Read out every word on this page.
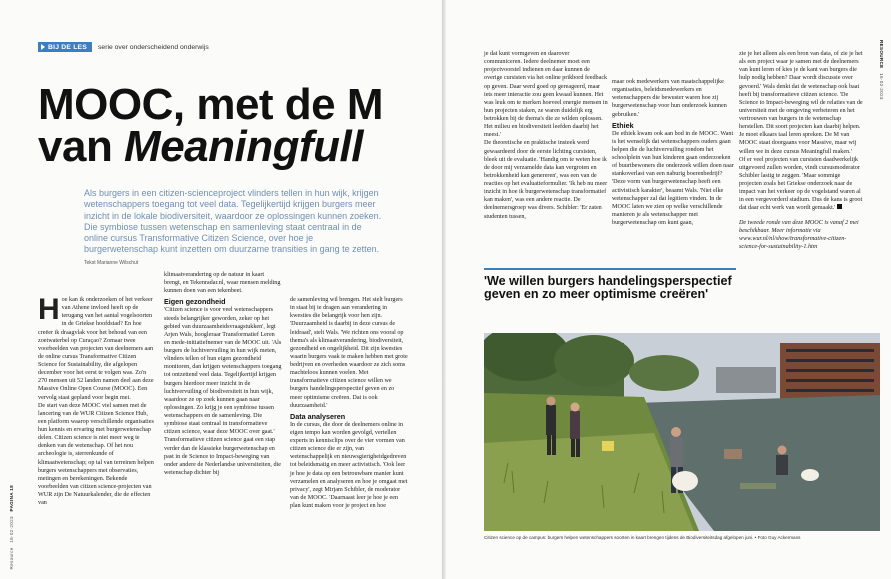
Resource   16·02·2023   PAGINA 18
BIJ DE LES serie over onderscheidend onderwijs
MOOC, met de M
van Meaningfull
Als burgers in een citizen-scienceproject vlinders tellen in hun wijk, krijgen wetenschappers toegang tot veel data. Tegelijkertijd krijgen burgers meer inzicht in de lokale biodiversiteit, waardoor ze oplossingen kunnen zoeken. Die symbiose tussen wetenschap en samenleving staat centraal in de online cursus Transformative Citizen Science, over hoe je burgerwetenschap kunt inzetten om duurzame transities in gang te zetten. Tekst Marianne Wilschut
H oe kan ik onderzoeken of het verkeer van Athene invloed heeft op de terugang van het aantal vogelsoorten in de Griekse hoofdstad? En hoe creëer ik draagvlak voor het behoud van een zoetwaterbel op Curaçao? Zomaar twee voorbeelden van projecten van deelnemers aan de online cursus Transformative Citizen Science for Sustainability, die afgelopen december voor het eerst te volgen was. Zo'n 270 mensen uit 52 landen namen deel aan deze Massive Online Open Course (MOOC). Een vervolg staat gepland voor begin mei.

De start van deze MOOC viel samen met de lancering van de WUR Citizen Science Hub, een platform waarop verschillende organisaties hun kennis en ervaring met burgerwetenschap delen. Citizen science is niet meer weg te denken van de wetenschap. Of het nou archeologie is, sterrenkunde of klimaatwetenschap; op tal van terreinen helpen burgers wetenschappers met observaties, metingen en berekeningen. Bekende voorbeelden van citizen science-projecten van WUR zijn De Natuurkalender, die de effecten van

klimaatverandering op de natuur in kaart brengt, en Tekenradar.nl, waar mensen melding kunnen doen van een tekenbeet.

Eigen gezondheid

'Citizen science is voor veel wetenschappers steeds belangrijker geworden, zeker op het gebied van duurzaamheidsvraagstukken', legt Arjen Wals, hoogleraar Transformatief Leren en mede-initiatiefnemer van de MOOC uit. 'Als burgers de luchtvervuiling in hun wijk meten, vlinders tellen of hun eigen gezondheid monitoren, dan krijgen wetenschappers toegang tot ontzettend veel data. Tegelijkertijd krijgen burgers hierdoor meer inzicht in de luchtvervuiling of biodiversiteit in hun wijk, waardoor ze op zoek kunnen gaan naar oplossingen. Zo krijg je een symbiose tussen wetenschappers en de samenleving. Die symbiose staat centraal in transformatieve citizen science, waar deze MOOC over gaat.' Transformatieve citizen science gaat een stap verder dan de klassieke burgerwetenschap en past in de Science to Impact-beweging van onder andere de Nederlandse universiteiten, die wetenschap dichter bij

de samenleving wil brengen. Het stelt burgers in staat bij te dragen aan verandering in kwesties die belangrijk voor hen zijn. 'Duurzaamheid is daarbij in deze cursus de leidraad', stelt Wals. 'We richten ons vooral op thema's als klimaatverandering, biodiversiteit, gezondheid en ongelijkheid. Dit zijn kwesties waarin burgers vaak te maken hebben met grote bedrijven en overheden waardoor ze zich soms machteloos kunnen voelen. Met transformatieve citizen science willen we burgers handelingsperspectief geven en zo meer optimisme creëren. Dat is ook duurzaamheid.'

Data analyseren

In de cursus, die door de deelnemers online in eigen tempo kan worden gevolgd, vertellen experts in kennisclips over de vier vormen van citizen science die er zijn, van wetenschappelijk en nieuwsgierigheidgedreven tot beleidsmatig en meer activistisch. 'Ook leer je hoe je data op een betrouwbare manier kunt verzamelen en analyseren en hoe je omgaat met privacy', zegt Mirjam Schibler, de moderator van de MOOC. 'Daarnaast leer je hoe je een plan kunt maken voor je project en hoe

RESOURCE   16·02·2023

je dat kunt vormgeven en daarover communiceren. Iedere deelnemer moet een projectvoorstel indienen en daar kunnen de overige cursisten via het online prikbord feedback op geven. Daar werd goed op gereageerd, maar iets meer interactie zou geen kwaad kunnen. Het was leuk om te merken hoeveel energie mensen in hun projecten staken, ze waren duidelijk erg betrokken bij de thema's die ze wilden oplossen. Het milieu en biodiversiteit leefden daarbij het meest.'

De theoretische en praktische insteek werd gewaardeerd door de eerste lichting cursisten, bleek uit de evaluatie. 'Handig om te weten hoe ik de door mij verzamelde data kan vergroten en betrokkenheid kan genereren', was een van de reacties op het evaluatieformulier. 'Ik heb nu meer inzicht in hoe ik burgerwetenschap transformatief kan maken', was een andere reactie. De deelnemersgroep was divers. Schibler: 'Er zaten studenten tussen,

maar ook medewerkers van maatschappelijke organisaties, beleidsmedewerkers en wetenschappers die bewuster waren hoe zij burgerwetenschap voor hun onderzoek kunnen gebruiken.'

Ethiek

De ethiek kwam ook aan bod in de MOOC. Want is het wenselijk dat wetenschappers ouders gaan helpen die de luchtvervuiling rondom het schoolplein van hun kinderen gaan onderzoeken of buurtbewoners die onderzoek willen doen naar stankoverlast van een naburig boerenbedrijf? 'Deze vorm van burgerwetenschap heeft een activistisch karakter', beaamt Wals. 'Niet elke wetenschapper zal dat legitiem vinden. In de MOOC laten we zien op welke verschillende manieren je als wetenschapper met burgerwetenschap om kunt gaan,

zie je het alleen als een bron van data, of zie je het als een project waar je samen met de deelnemers van kunt leren of kies je de kant van burgers die hulp nodig hebben? Daar wordt discussie over gevoerd.' Wals denkt dat de wetenschap ook baat heeft bij transformatieve citizen science. 'De Science to Impact-beweging wil de relaties van de universiteit met de omgeving verbeteren en het vertrouwen van burgers in de wetenschap herstellen. Dit soort projecten kan daarbij helpen. Je moet elkaars taal leren spreken. De M van MOOC staat doorgaans voor Massive, maar wij willen we in deze cursus Meaningfull maken.'

Of er veel projecten van cursisten daadwerkelijk uitgevoerd zullen worden, vindt cursusmoderator Schibler lastig te zeggen. 'Maar sommige projecten zoals het Griekse onderzoek naar de impact van het verkeer op de vogelstand waren al in een vergevorderd stadium. Dus de kans is groot dat daar echt werk van wordt gemaakt.'

De tweede ronde van deze MOOC is vanaf 2 mei beschikbaar. Meer informatie via www.wur.nl/nl/show/transformative-citizen-science-for-sustainability-1.htm

'We willen burgers handelingsperspectief geven en zo meer optimisme creëren'
Citizen science op de campus: burgers helpen wetenschappers soorten in kaart brengen tijdens de Biodiversiteitsdag afgelopen juni. • Foto Guy Ackermans
